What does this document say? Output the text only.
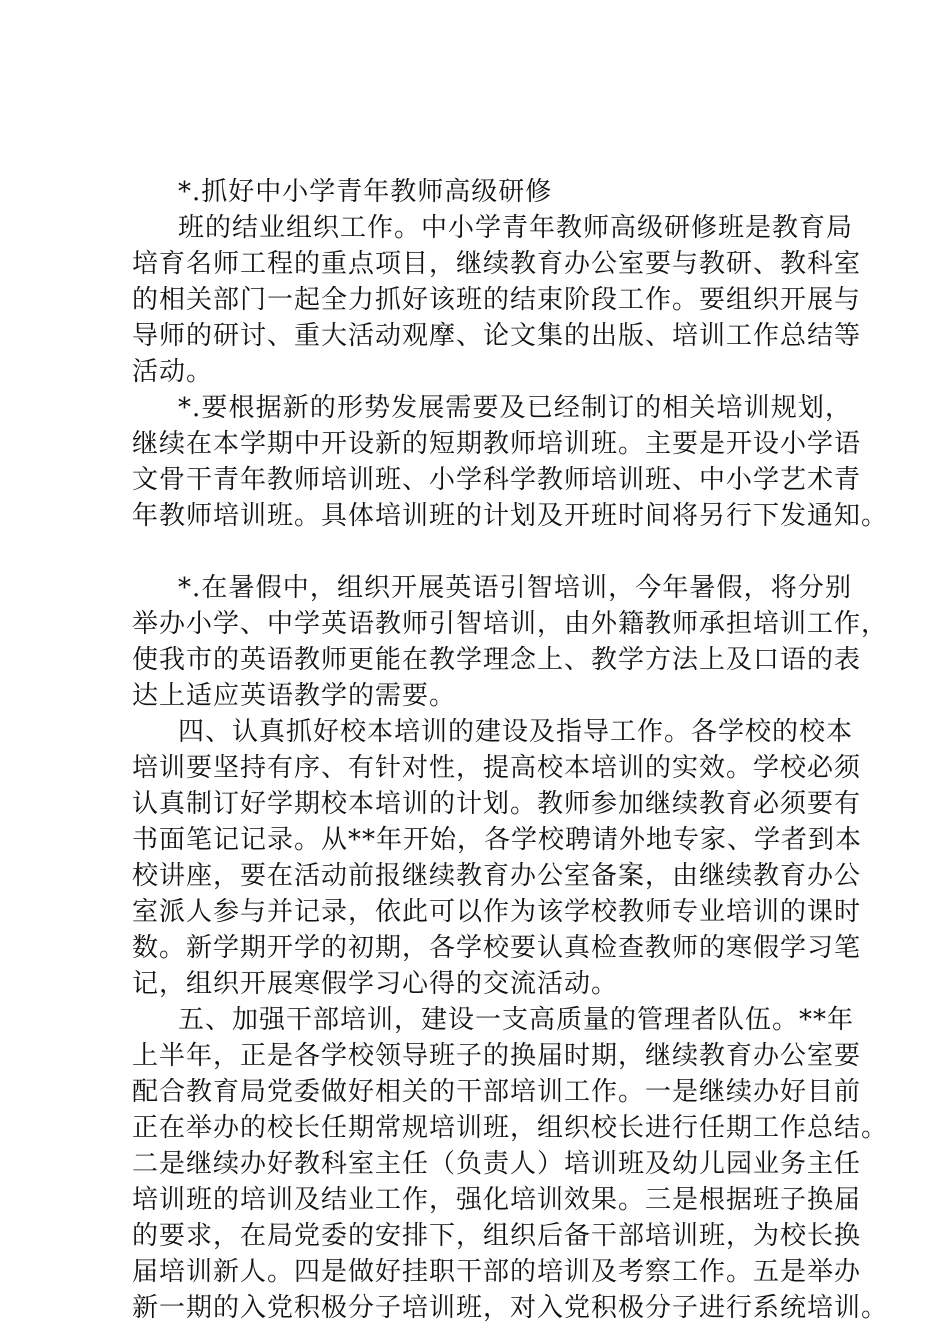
*.抓好中小学青年教师高级研修
班的结业组织工作。中小学青年教师高级研修班是教育局
培育名师工程的重点项目，继续教育办公室要与教研、教科室
的相关部门一起全力抓好该班的结束阶段工作。要组织开展与
导师的研讨、重大活动观摩、论文集的出版、培训工作总结等
活动。
*.要根据新的形势发展需要及已经制订的相关培训规划，
继续在本学期中开设新的短期教师培训班。主要是开设小学语
文骨干青年教师培训班、小学科学教师培训班、中小学艺术青
年教师培训班。具体培训班的计划及开班时间将另行下发通知。
*.在暑假中，组织开展英语引智培训，今年暑假，将分别
举办小学、中学英语教师引智培训，由外籍教师承担培训工作，
使我市的英语教师更能在教学理念上、教学方法上及口语的表
达上适应英语教学的需要。
四、认真抓好校本培训的建设及指导工作。各学校的校本
培训要坚持有序、有针对性，提高校本培训的实效。学校必须
认真制订好学期校本培训的计划。教师参加继续教育必须要有
书面笔记记录。从**年开始，各学校聘请外地专家、学者到本
校讲座，要在活动前报继续教育办公室备案，由继续教育办公
室派人参与并记录，依此可以作为该学校教师专业培训的课时
数。新学期开学的初期，各学校要认真检查教师的寒假学习笔
记，组织开展寒假学习心得的交流活动。
五、加强干部培训，建设一支高质量的管理者队伍。**年
上半年，正是各学校领导班子的换届时期，继续教育办公室要
配合教育局党委做好相关的干部培训工作。一是继续办好目前
正在举办的校长任期常规培训班，组织校长进行任期工作总结。
二是继续办好教科室主任（负责人）培训班及幼儿园业务主任
培训班的培训及结业工作，强化培训效果。三是根据班子换届
的要求，在局党委的安排下，组织后备干部培训班，为校长换
届培训新人。四是做好挂职干部的培训及考察工作。五是举办
新一期的入党积极分子培训班，对入党积极分子进行系统培训。
